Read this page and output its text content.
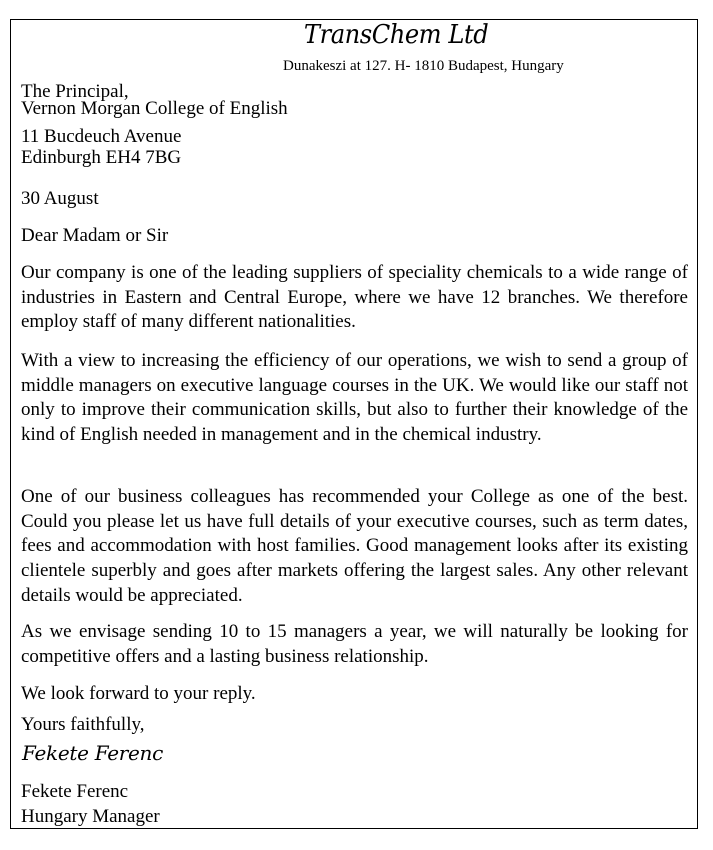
TransChem Ltd
Dunakeszi at 127. H- 1810 Budapest, Hungary
The Principal,
Vernon Morgan College of English
11 Bucdeuch Avenue
Edinburgh EH4 7BG
30 August
Dear Madam or Sir
Our company is one of the leading suppliers of speciality chemicals to a wide range of industries in Eastern and Central Europe, where we have 12 branches. We therefore employ staff of many different nationalities.
With a view to increasing the efficiency of our operations, we wish to send a group of middle managers on executive language courses in the UK. We would like our staff not only to improve their communication skills, but also to further their knowledge of the kind of English needed in management and in the chemical industry.
One of our business colleagues has recommended your College as one of the best. Could you please let us have full details of your executive courses, such as term dates, fees and accommodation with host families. Good management looks after its existing clientele superbly and goes after markets offering the largest sales. Any other relevant details would be appreciated.
As we envisage sending 10 to 15 managers a year, we will naturally be looking for competitive offers and a lasting business relationship.
We look forward to your reply.
Yours faithfully,
Fekete Ferenc
Fekete Ferenc
Hungary Manager
